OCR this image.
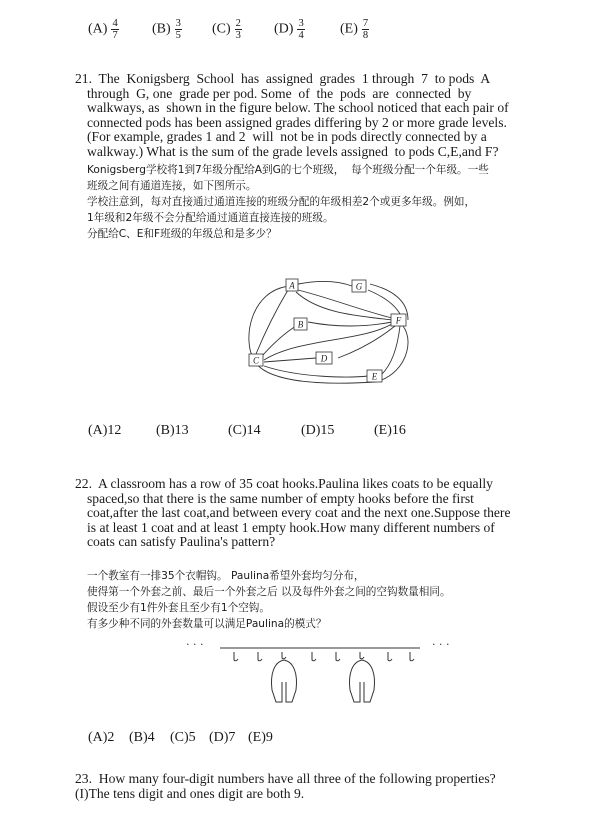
$(A) \frac{4}{7} (B) \frac{3}{5} (C) \frac{2}{3} (D) \frac{3}{4}$	$(E) \frac{7}{8}$
21.  The  Konigsberg  School  has  assigned  grades  1 through  7  to pods  A
through  G, one  grade per pod. Some  of  the  pods  are  connected  by
walkways, as  shown in the figure below. The school noticed that each pair of
connected pods has been assigned grades differing by 2 or more grade levels.
(For example, grades 1 and 2  will  not be in pods directly connected by a
walkway.) What is the sum of the grade levels assigned  to pods C,E,and F?
Konigsberg学校将1到7年级分配给A到G的七个班级，  每个班级分配一个年级。一些
班级之间有通道连接，如下图所示。
学校注意到，每对直接通过通道连接的班级分配的年级相差2个或更多年级。例如，
1年级和2年级不会分配给通过通道直接连接的班级。
分配给C、E和F班级的年级总和是多少？
A	G
B	F
C	D
E
(A)12 (B)13	(C)14	(D)15	(E)16
22.  A classroom has a row of 35 coat hooks.Paulina likes coats to be equally
spaced,so that there is the same number of empty hooks before the first
coat,after the last coat,and between every coat and the next one.Suppose there
is at least 1 coat and at least 1 empty hook.How many different numbers of
coats can satisfy Paulina's pattern?
一个教室有一排35个衣帽钩。 Paulina希望外套均匀分布，
使得第一个外套之前、最后一个外套之后 以及每件外套之间的空钩数量相同。
假设至少有1件外套且至少有1个空钩。
有多少种不同的外套数量可以满足Paulina的模式？
· · ·	· · ·
(A)2 (B)4 (C)5 (D)7 (E)9
23.  How many four-digit numbers have all three of the following properties?
(I)The tens digit and ones digit are both 9.
